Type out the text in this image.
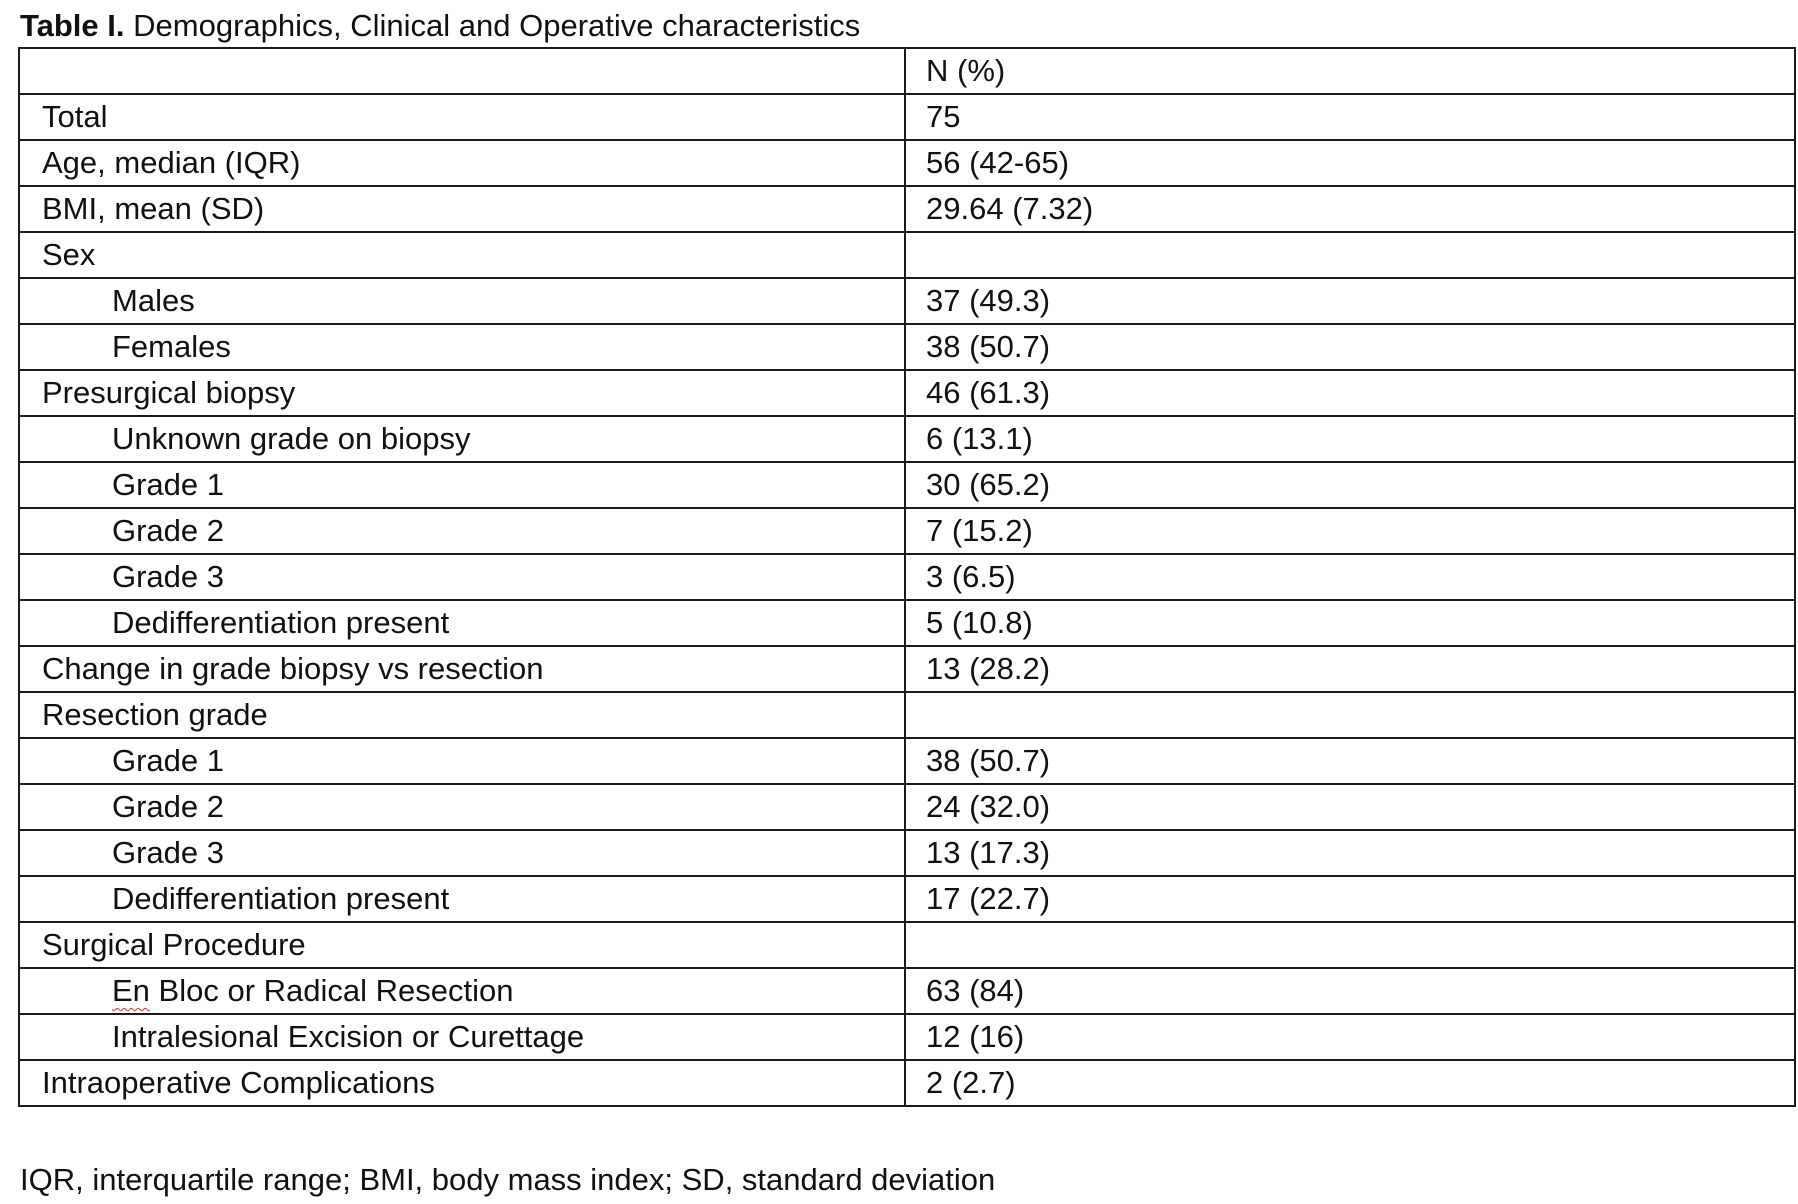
Table I. Demographics, Clinical and Operative characteristics
	N (%)
Total	75
Age, median (IQR)	56 (42-65)
BMI, mean (SD)	29.64 (7.32)
Sex	
Males	37 (49.3)
Females	38 (50.7)
Presurgical biopsy	46 (61.3)
Unknown grade on biopsy	6 (13.1)
Grade 1	30 (65.2)
Grade 2	7 (15.2)
Grade 3	3 (6.5)
Dedifferentiation present	5 (10.8)
Change in grade biopsy vs resection	13 (28.2)
Resection grade	
Grade 1	38 (50.7)
Grade 2	24 (32.0)
Grade 3	13 (17.3)
Dedifferentiation present	17 (22.7)
Surgical Procedure	
En Bloc or Radical Resection	63 (84)
Intralesional Excision or Curettage	12 (16)
Intraoperative Complications	2 (2.7)
IQR, interquartile range; BMI, body mass index; SD, standard deviation
